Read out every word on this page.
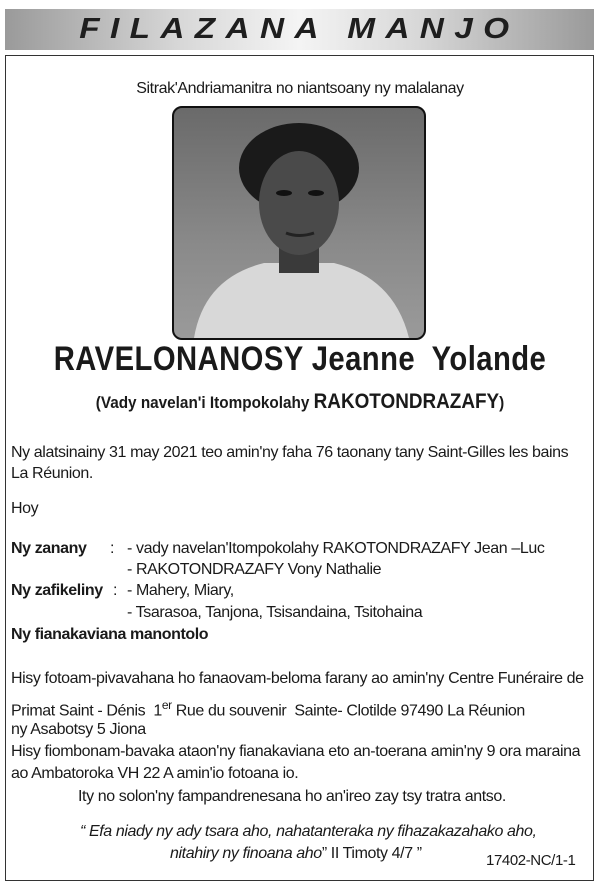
FILAZANA MANJO
Sitrak'Andriamanitra no niantsoany ny malalanay
RAVELONANOSY Jeanne  Yolande
(Vady navelan'i Itompokolahy RAKOTONDRAZAFY)
Ny alatsinainy 31 may 2021 teo amin'ny faha 76 taonany tany Saint-Gilles les bains
La Réunion.
Hoy
Ny zanany : - vady navelan'Itompokolahy RAKOTONDRAZAFY Jean –Luc
- RAKOTONDRAZAFY Vony Nathalie
Ny zafikeliny : - Mahery, Miary,
- Tsarasoa, Tanjona, Tsisandaina, Tsitohaina
Ny fianakaviana manontolo
Hisy fotoam-pivavahana ho fanaovam-beloma farany ao amin'ny Centre Funéraire de
Primat Saint - Dénis  1er Rue du souvenir  Sainte- Clotilde 97490 La Réunion
ny Asabotsy 5 Jiona
Hisy fiombonam-bavaka ataon'ny fianakaviana eto an-toerana amin'ny 9 ora maraina
ao Ambatoroka VH 22 A amin'io fotoana io.
Ity no solon'ny fampandrenesana ho an'ireo zay tsy tratra antso.
“ Efa niady ny ady tsara aho, nahatanteraka ny fihazakazahako aho,
nitahiry ny finoana aho” II Timoty 4/7 ”	17402-NC/1-1
